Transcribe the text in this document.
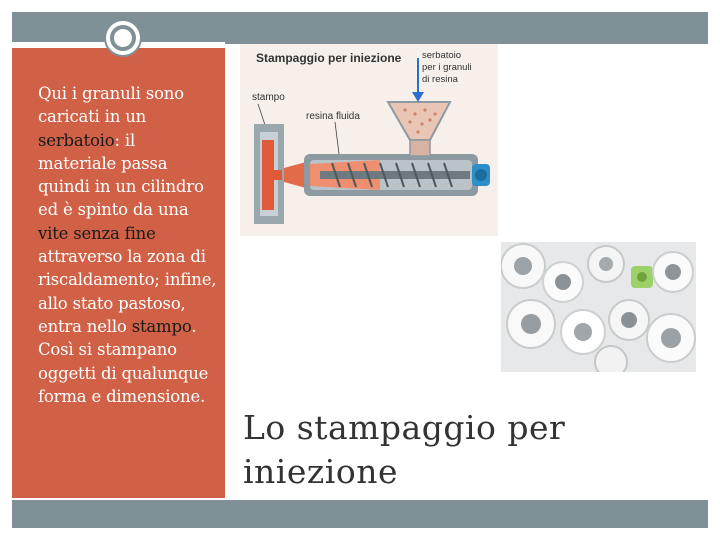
Qui i granuli sono caricati in un serbatoio: il materiale passa quindi in un cilindro ed è spinto da una vite senza fine attraverso la zona di riscaldamento; infine, allo stato pastoso, entra nello stampo. Così si stampano oggetti di qualunque forma e dimensione.
Stampaggio per iniezione serbatoio
per i granuli
di resina
stampo
resina fluida
Lo stampaggio per iniezione
